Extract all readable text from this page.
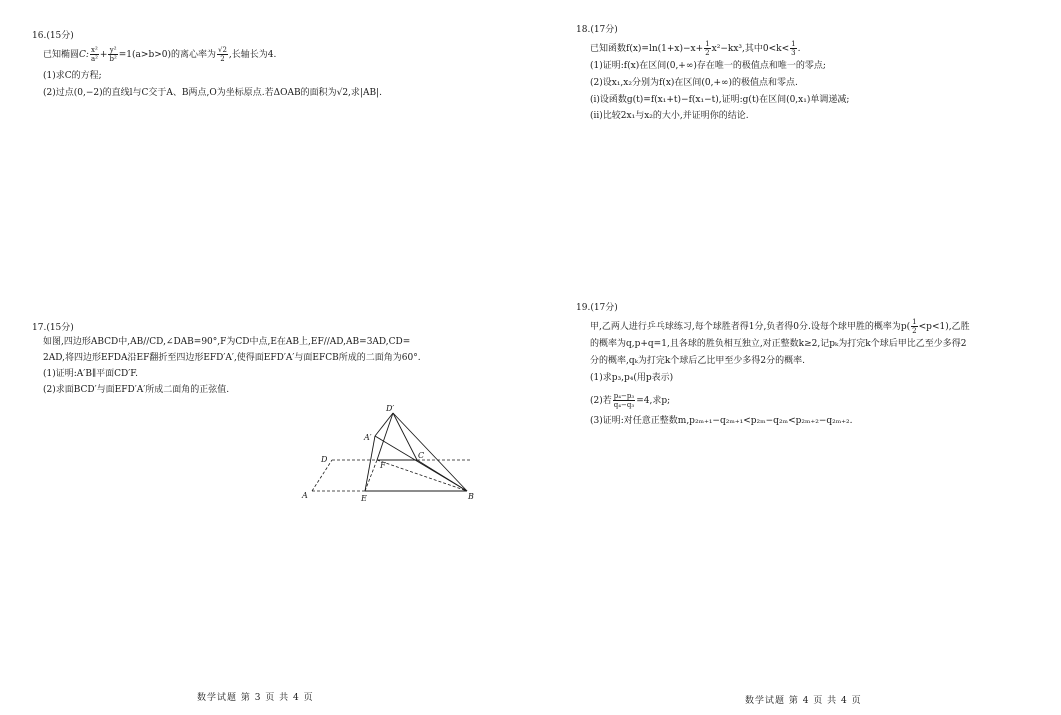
16.(15分)
已知椭圆C: $\frac{\text{x²}}{\text{a²}} + \frac{\text{y²}}{\text{b²}} =1(a>b>0)$的离心率为 $\frac{√2}{2}$ ,长轴长为4.
(1)求C的方程;
(2)过点(0,−2)的直线l与C交于A、B两点,O为坐标原点.若ΔOAB的面积为√2,求|AB|.
17.(15分)
如图,四边形ABCD中,AB//CD,∠DAB=90°,F为CD中点,E在AB上,EF//AD,AB=3AD,CD=
2AD,将四边形EFDA沿EF翻折至四边形EFD′A′,使得面EFD′A′与面EFCB所成的二面角为60°.
(1)证明:A′B∥平面CD′F.
(2)求面BCD′与面EFD′A′所成二面角的正弦值.
D′
A′
D	C
F
A	E	B
数学试题 第 3 页 共 4 页
18.(17分)
已知函数$f(x)=\ln(1+x)-x+ \frac{1}{2} x^2-kx^3$,其中$0<k< \frac{1}{3}$ .
(1)证明:f(x)在区间(0,+∞)存在唯一的极值点和唯一的零点;
(2)设x₁,x₂分别为f(x)在区间(0,+∞)的极值点和零点.
(i)设函数g(t)=f(x₁+t)−f(x₁−t),证明:g(t)在区间(0,x₁)单调递减;
(ii)比较2x₁与x₂的大小,并证明你的结论.
19.(17分)
甲,乙两人进行乒乓球练习,每个球胜者得1分,负者得0分.设每个球甲胜的概率为$p( \frac{1}{2} <p<1)$,乙胜
的概率为q,p+q=1,且各球的胜负相互独立,对正整数k≥2,记pₖ为打完k个球后甲比乙至少多得2
分的概率,qₖ为打完k个球后乙比甲至少多得2分的概率.
(1)求p₃,p₄(用p表示)
(2)若 $\frac{\text{p₄−p₃}}{\text{q₄−q₃}} =4$,求p;
(3)证明:对任意正整数m,p₂ₘ₊₁−q₂ₘ₊₁<p₂ₘ−q₂ₘ<p₂ₘ₊₂−q₂ₘ₊₂.
数学试题 第 4 页 共 4 页
